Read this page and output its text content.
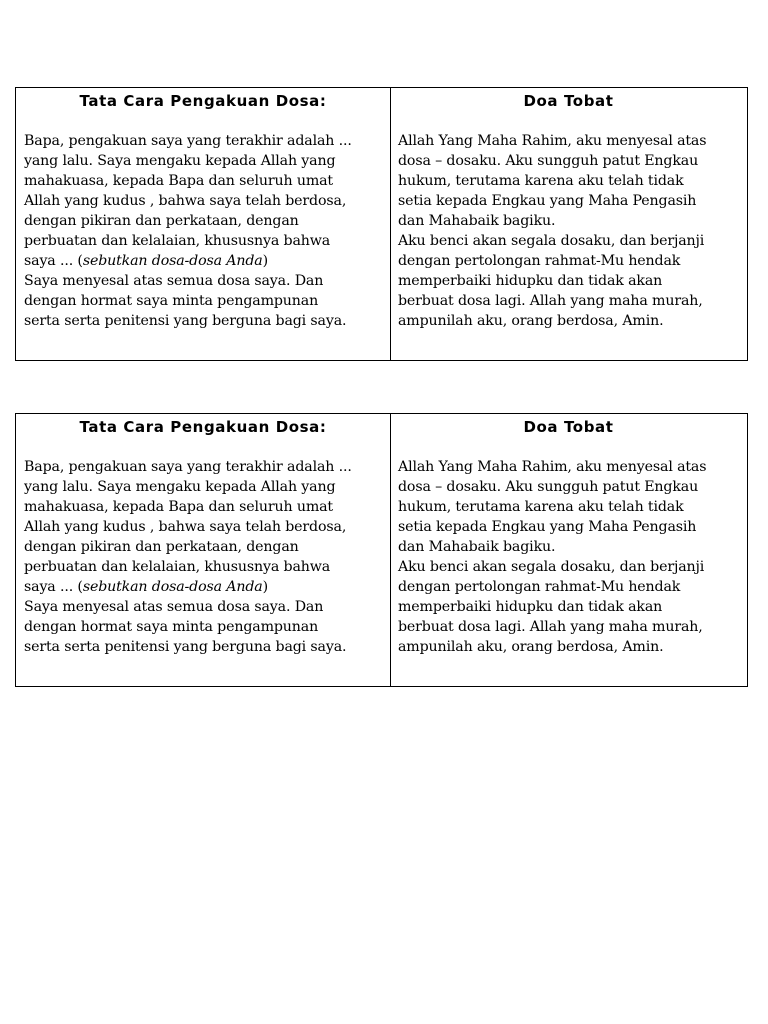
Tata Cara Pengakuan Dosa:
Bapa, pengakuan saya yang terakhir adalah ...
yang lalu. Saya mengaku kepada Allah yang
mahakuasa, kepada Bapa dan seluruh umat
Allah yang kudus , bahwa saya telah berdosa,
dengan pikiran dan perkataan, dengan
perbuatan dan kelalaian, khususnya bahwa
saya ... (sebutkan dosa-dosa Anda)
Saya menyesal atas semua dosa saya. Dan
dengan hormat saya minta pengampunan
serta serta penitensi yang berguna bagi saya.
Doa Tobat
Allah Yang Maha Rahim, aku menyesal atas
dosa – dosaku. Aku sungguh patut Engkau
hukum, terutama karena aku telah tidak
setia kepada Engkau yang Maha Pengasih
dan Mahabaik bagiku.
Aku benci akan segala dosaku, dan berjanji
dengan pertolongan rahmat-Mu hendak
memperbaiki hidupku dan tidak akan
berbuat dosa lagi. Allah yang maha murah,
ampunilah aku, orang berdosa, Amin.
Tata Cara Pengakuan Dosa:
Bapa, pengakuan saya yang terakhir adalah ...
yang lalu. Saya mengaku kepada Allah yang
mahakuasa, kepada Bapa dan seluruh umat
Allah yang kudus , bahwa saya telah berdosa,
dengan pikiran dan perkataan, dengan
perbuatan dan kelalaian, khususnya bahwa
saya ... (sebutkan dosa-dosa Anda)
Saya menyesal atas semua dosa saya. Dan
dengan hormat saya minta pengampunan
serta serta penitensi yang berguna bagi saya.
Doa Tobat
Allah Yang Maha Rahim, aku menyesal atas
dosa – dosaku. Aku sungguh patut Engkau
hukum, terutama karena aku telah tidak
setia kepada Engkau yang Maha Pengasih
dan Mahabaik bagiku.
Aku benci akan segala dosaku, dan berjanji
dengan pertolongan rahmat-Mu hendak
memperbaiki hidupku dan tidak akan
berbuat dosa lagi. Allah yang maha murah,
ampunilah aku, orang berdosa, Amin.
